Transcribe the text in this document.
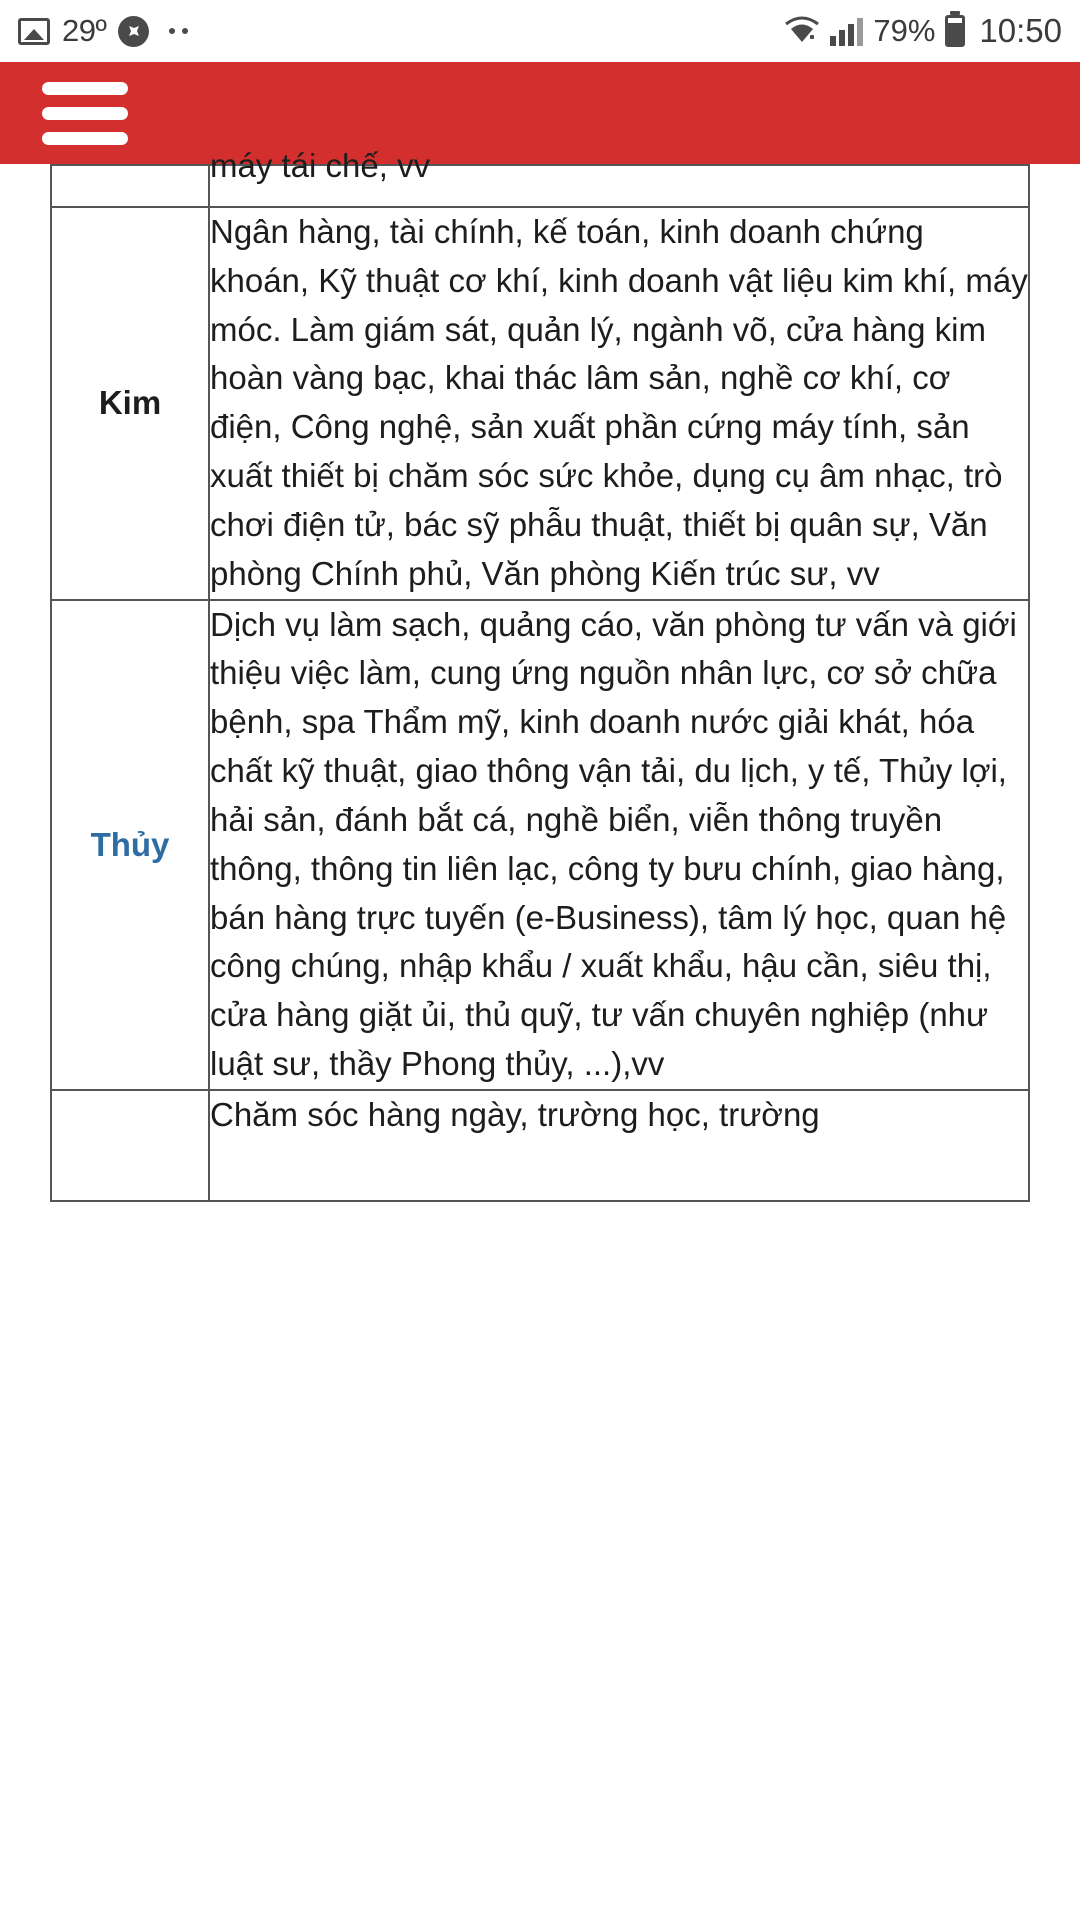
29º	79% 10:50

	máy tái chế, vv

Kim	Ngân hàng, tài chính, kế toán, kinh doanh chứng khoán, Kỹ thuật cơ khí, kinh doanh vật liệu kim khí, máy móc. Làm giám sát, quản lý, ngành võ, cửa hàng kim hoàn vàng bạc, khai thác lâm sản, nghề cơ khí, cơ điện, Công nghệ, sản xuất phần cứng máy tính, sản xuất thiết bị chăm sóc sức khỏe, dụng cụ âm nhạc, trò chơi điện tử, bác sỹ phẫu thuật, thiết bị quân sự, Văn phòng Chính phủ, Văn phòng Kiến trúc sư, vv
Thủy	Dịch vụ làm sạch, quảng cáo, văn phòng tư vấn và giới thiệu việc làm, cung ứng nguồn nhân lực, cơ sở chữa bệnh, spa Thẩm mỹ, kinh doanh nước giải khát, hóa chất kỹ thuật, giao thông vận tải, du lịch, y tế, Thủy lợi, hải sản, đánh bắt cá, nghề biển, viễn thông truyền thông, thông tin liên lạc, công ty bưu chính, giao hàng, bán hàng trực tuyến (e-Business), tâm lý học, quan hệ công chúng, nhập khẩu / xuất khẩu, hậu cần, siêu thị, cửa hàng giặt ủi, thủ quỹ, tư vấn chuyên nghiệp (như luật sư, thầy Phong thủy, ...),vv

	Chăm sóc hàng ngày, trường học, trường
